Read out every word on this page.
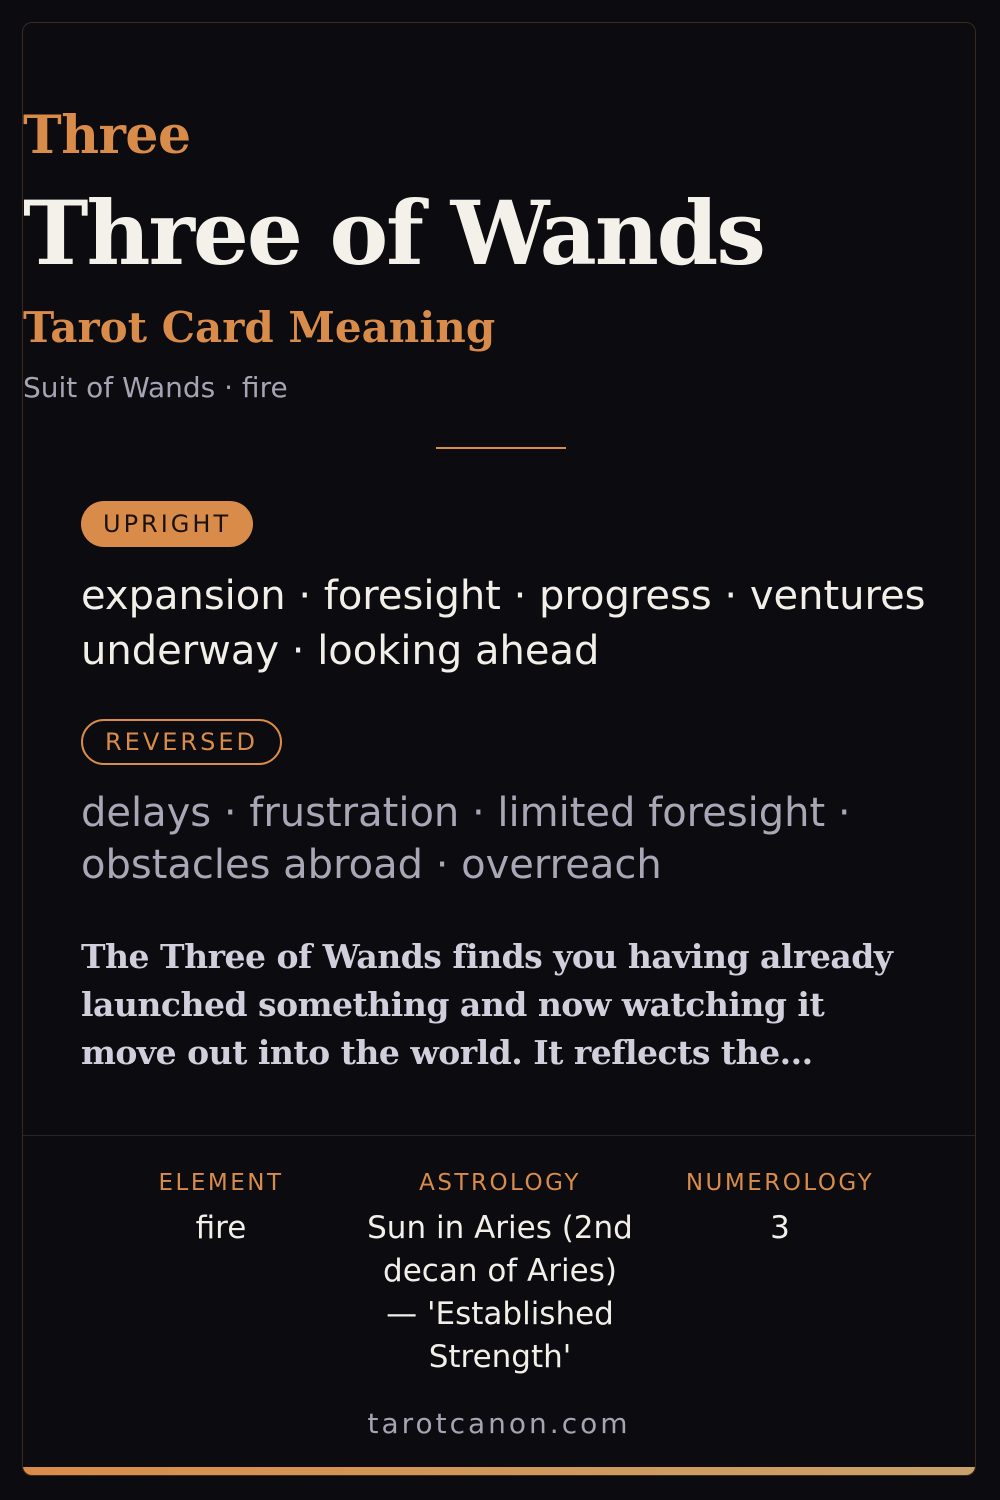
Three
Three of Wands
Tarot Card Meaning
Suit of Wands · fire
UPRIGHT
expansion · foresight · progress · ventures underway · looking ahead
REVERSED
delays · frustration · limited foresight · obstacles abroad · overreach
The Three of Wands finds you having already launched something and now watching it move out into the world. It reflects the...
ELEMENT
fire
ASTROLOGY
Sun in Aries (2nd decan of Aries) — 'Established Strength'
NUMEROLOGY
3
tarotcanon.com
